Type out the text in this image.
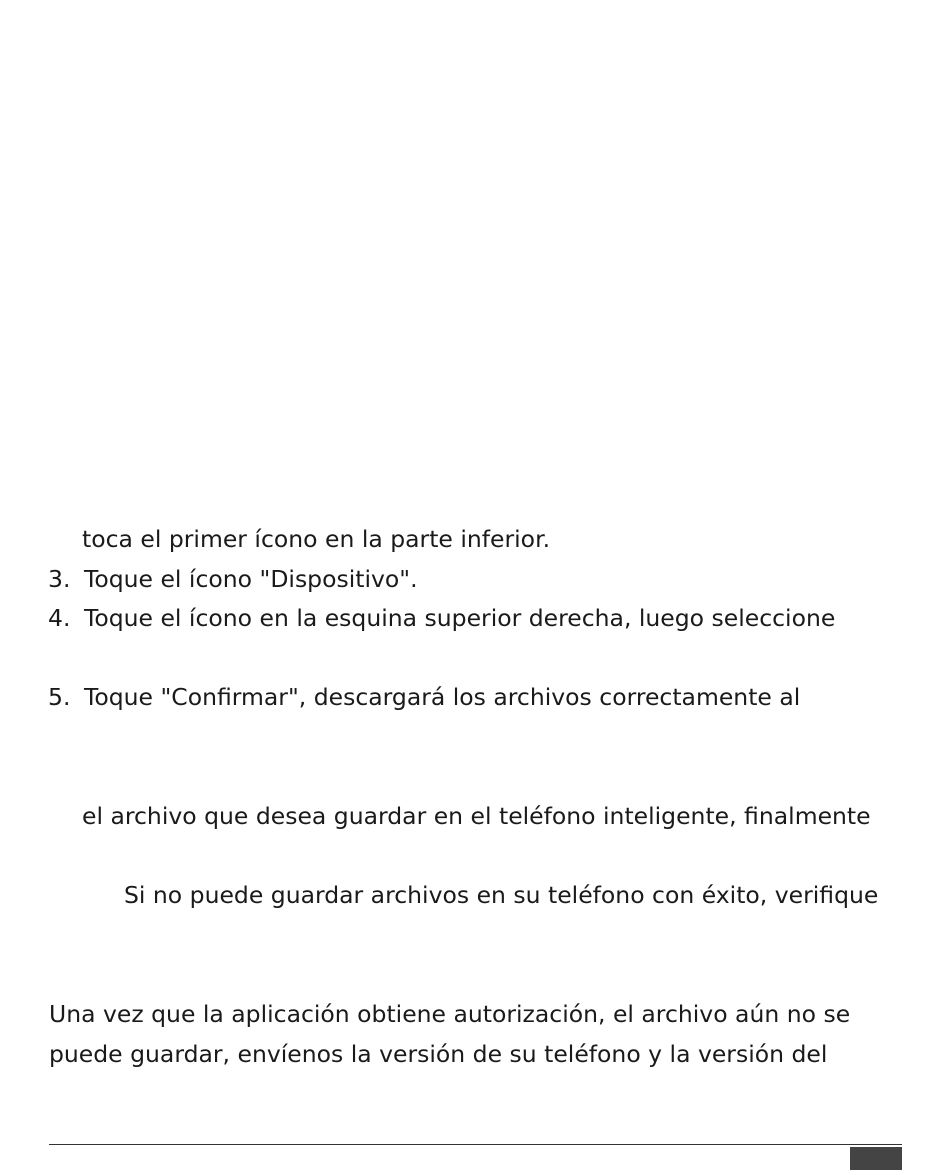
toca el primer ícono en la parte inferior.
3. Toque el ícono "Dispositivo".
4. Toque el ícono en la esquina superior derecha, luego seleccione
5. Toque "Confirmar", descargará los archivos correctamente al
el archivo que desea guardar en el teléfono inteligente, finalmente
Si no puede guardar archivos en su teléfono con éxito, verifique
Una vez que la aplicación obtiene autorización, el archivo aún no se
puede guardar, envíenos la versión de su teléfono y la versión del
